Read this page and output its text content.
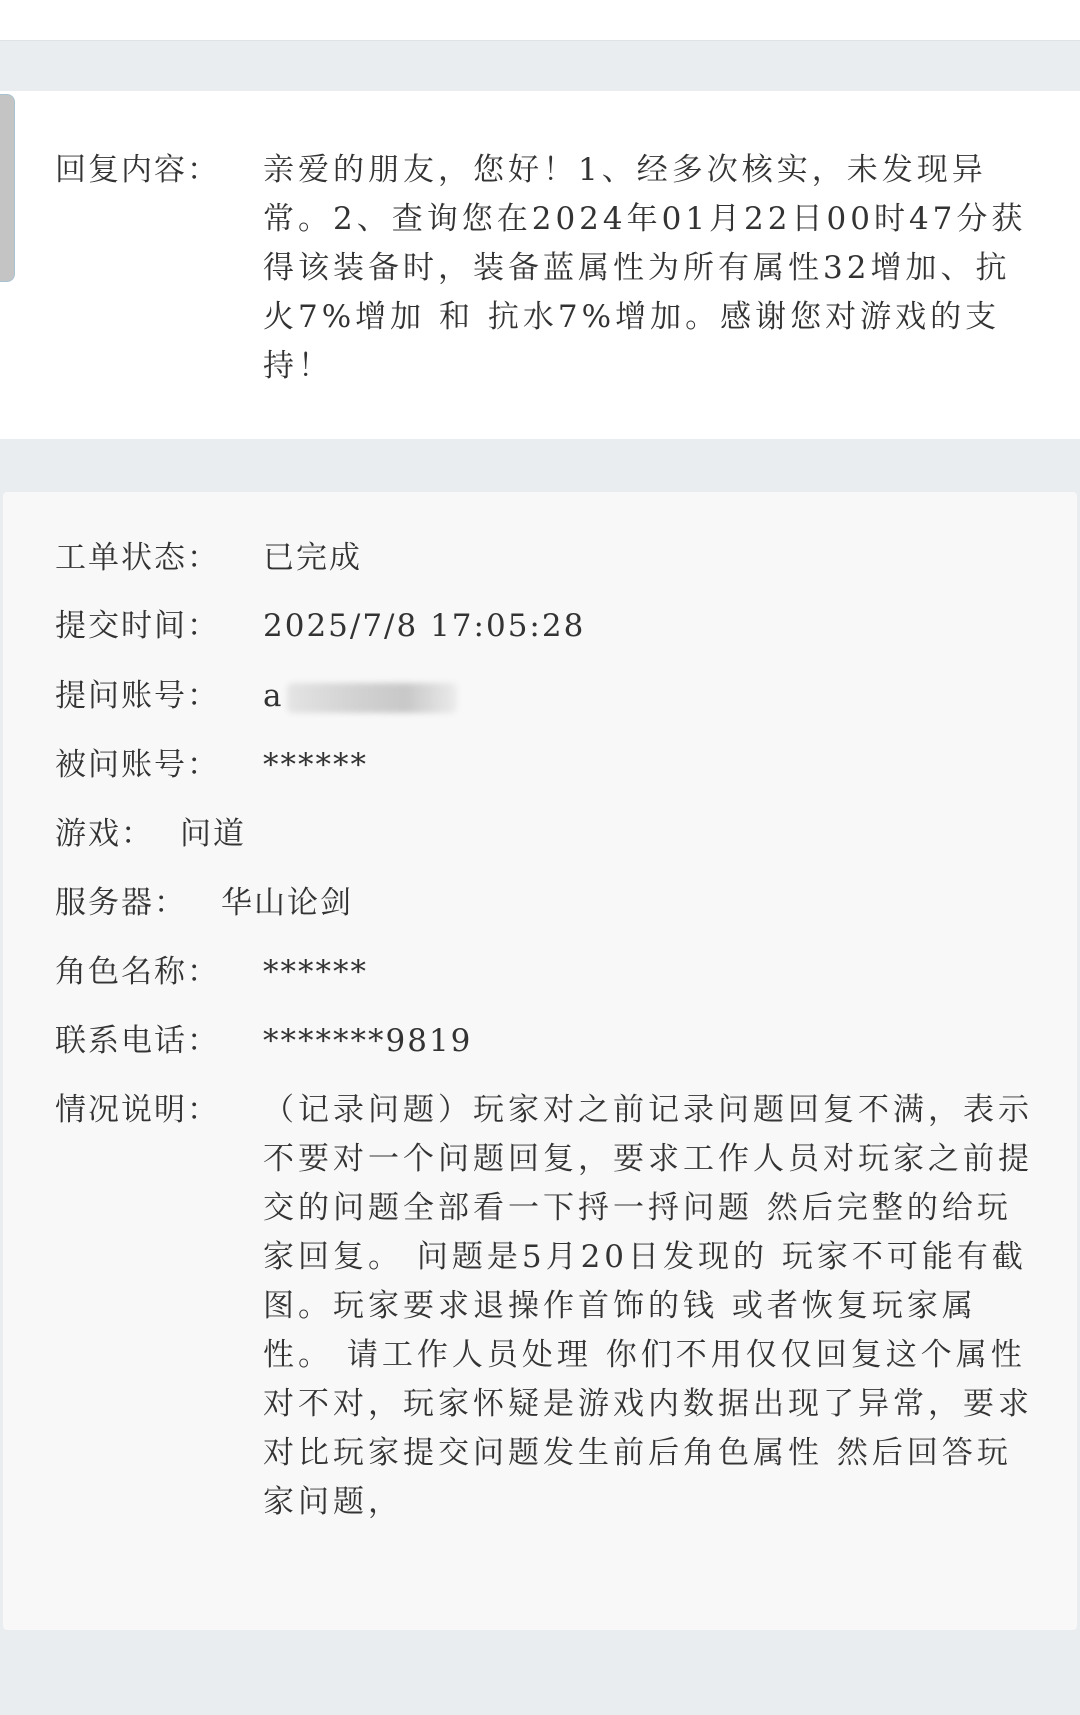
回复内容：	亲爱的朋友，您好！1、经多次核实，未发现异常。2、查询您在2024年01月22日00时47分获得该装备时，装备蓝属性为所有属性32增加、抗火7%增加 和 抗水7%增加。感谢您对游戏的支持！
工单状态：	已完成
提交时间：	2025/7/8 17:05:28
提问账号：	a
被问账号：	******
游戏： 问道
服务器：	华山论剑
角色名称：	******
联系电话：	*******9819
情况说明：	（记录问题）玩家对之前记录问题回复不满，表示不要对一个问题回复，要求工作人员对玩家之前提交的问题全部看一下捋一捋问题 然后完整的给玩家回复。 问题是5月20日发现的 玩家不可能有截图。玩家要求退操作首饰的钱 或者恢复玩家属性。 请工作人员处理 你们不用仅仅回复这个属性对不对，玩家怀疑是游戏内数据出现了异常，要求对比玩家提交问题发生前后角色属性 然后回答玩家问题，
